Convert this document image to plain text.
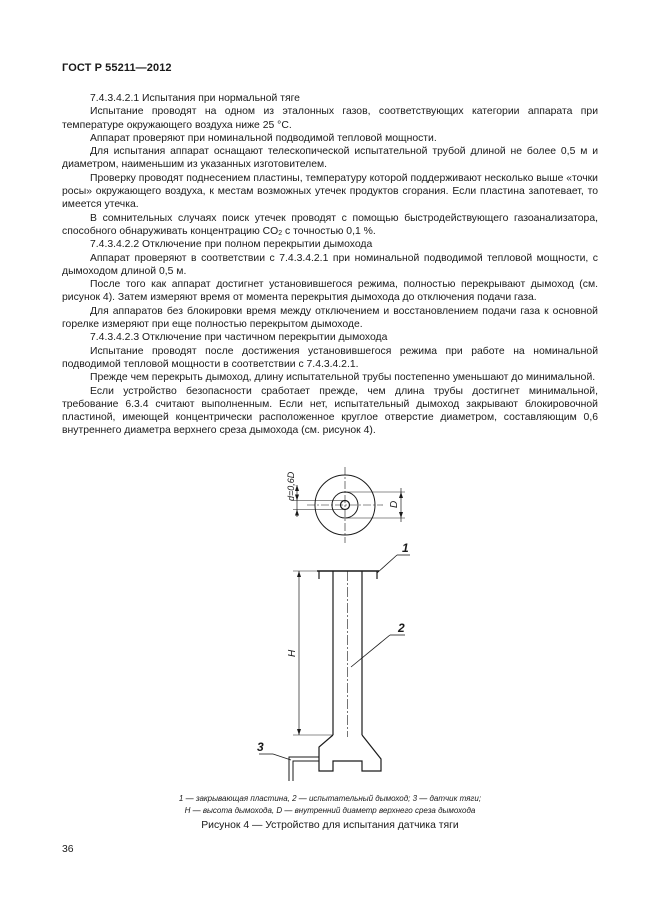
ГОСТ Р 55211—2012

7.4.3.4.2.1 Испытания при нормальной тяге

Испытание проводят на одном из эталонных газов, соответствующих категории аппарата при температуре окружающего воздуха ниже 25 °С.

Аппарат проверяют при номинальной подводимой тепловой мощности.

Для испытания аппарат оснащают телескопической испытательной трубой длиной не более 0,5 м и диаметром, наименьшим из указанных изготовителем.

Проверку проводят поднесением пластины, температуру которой поддерживают несколько выше «точки росы» окружающего воздуха, к местам возможных утечек продуктов сгорания. Если пластина запотевает, то имеется утечка.

В сомнительных случаях поиск утечек проводят с помощью быстродействующего газоанализатора, способного обнаруживать концентрацию $CO_2$ с точностью 0,1 %.

7.4.3.4.2.2 Отключение при полном перекрытии дымохода

Аппарат проверяют в соответствии с 7.4.3.4.2.1 при номинальной подводимой тепловой мощности, с дымоходом длиной 0,5 м.

После того как аппарат достигнет установившегося режима, полностью перекрывают дымоход (см. рисунок 4). Затем измеряют время от момента перекрытия дымохода до отключения подачи газа.

Для аппаратов без блокировки время между отключением и восстановлением подачи газа к основной горелке измеряют при еще полностью перекрытом дымоходе.

7.4.3.4.2.3 Отключение при частичном перекрытии дымохода

Испытание проводят после достижения установившегося режима при работе на номинальной подводимой тепловой мощности в соответствии с 7.4.3.4.2.1.

Прежде чем перекрыть дымоход, длину испытательной трубы постепенно уменьшают до минимальной.

Если устройство безопасности сработает прежде, чем длина трубы достигнет минимальной, требование 6.3.4 считают выполненным. Если нет, испытательный дымоход закрывают блокировочной пластиной, имеющей концентрически расположенное круглое отверстие диаметром, составляющим 0,6 внутреннего диаметра верхнего среза дымохода (см. рисунок 4).

d=0,6D
D
H
1
2
3
1 — закрывающая пластина, 2 — испытательный дымоход; 3 — датчик тяги;
H — высота дымохода, D — внутренний диаметр верхнего среза дымохода
Рисунок 4 — Устройство для испытания датчика тяги
36
